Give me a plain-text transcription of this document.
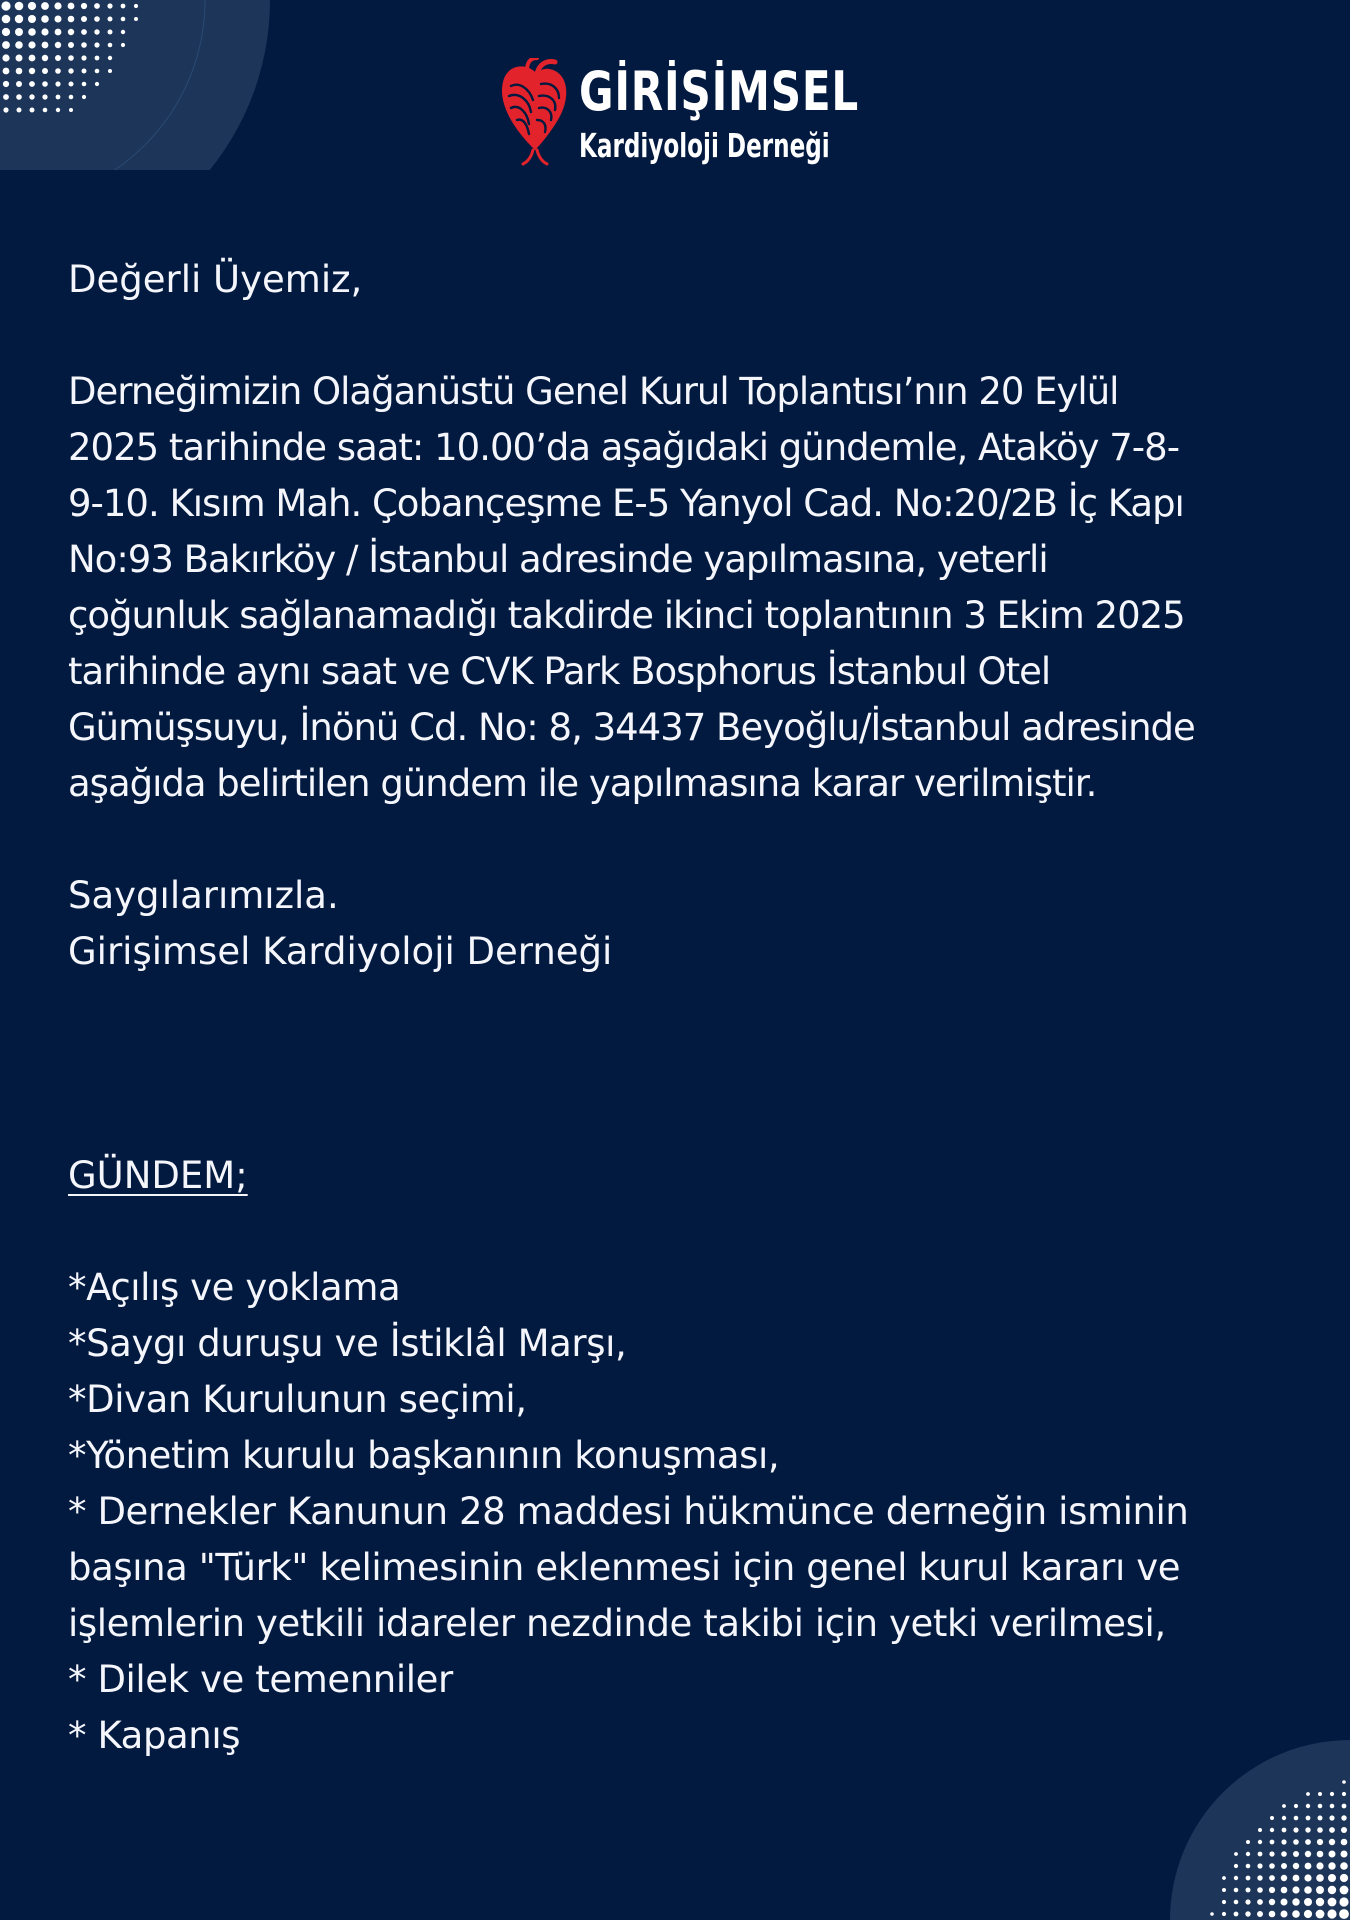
GİRİŞİMSEL

Kardiyoloji Derneği

Değerli Üyemiz,

Derneğimizin Olağanüstü Genel Kurul Toplantısı’nın 20 Eylül
2025 tarihinde saat: 10.00’da aşağıdaki gündemle, Ataköy 7-8-
9-10. Kısım Mah. Çobançeşme E-5 Yanyol Cad. No:20/2B İç Kapı
No:93 Bakırköy / İstanbul adresinde yapılmasına, yeterli
çoğunluk sağlanamadığı takdirde ikinci toplantının 3 Ekim 2025
tarihinde aynı saat ve CVK Park Bosphorus İstanbul Otel
Gümüşsuyu, İnönü Cd. No: 8, 34437 Beyoğlu/İstanbul adresinde
aşağıda belirtilen gündem ile yapılmasına karar verilmiştir.

Saygılarımızla.
Girişimsel Kardiyoloji Derneği

GÜNDEM;

*Açılış ve yoklama
*Saygı duruşu ve İstiklâl Marşı,
*Divan Kurulunun seçimi,
*Yönetim kurulu başkanının konuşması,
* Dernekler Kanunun 28 maddesi hükmünce derneğin isminin
başına "Türk" kelimesinin eklenmesi için genel kurul kararı ve
işlemlerin yetkili idareler nezdinde takibi için yetki verilmesi,
* Dilek ve temenniler
* Kapanış
